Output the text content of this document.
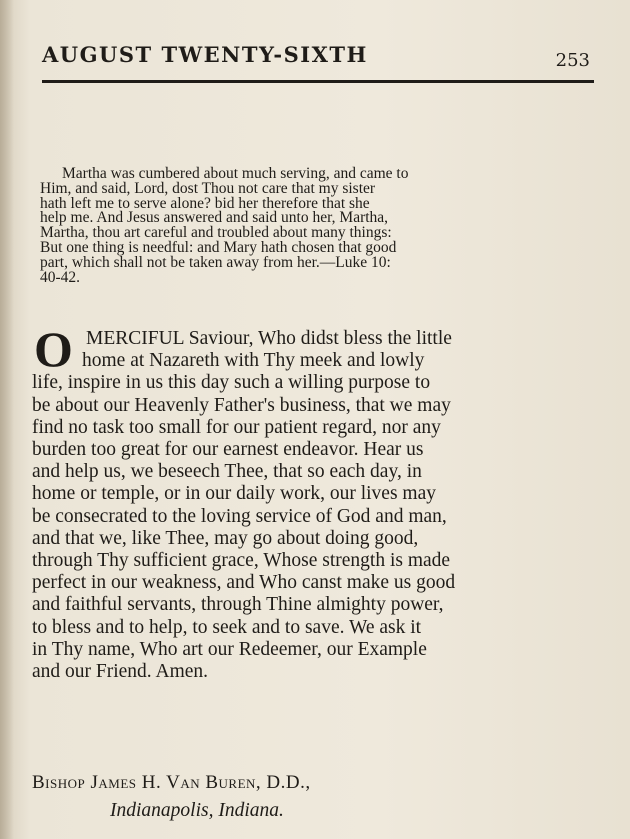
AUGUST TWENTY-SIXTH	253
Martha was cumbered about much serving, and came to
Him, and said, Lord, dost Thou not care that my sister
hath left me to serve alone? bid her therefore that she
help me. And Jesus answered and said unto her, Martha,
Martha, thou art careful and troubled about many things:
But one thing is needful: and Mary hath chosen that good
part, which shall not be taken away from her.—Luke 10:
40-42.
O MERCIFUL Saviour, Who didst bless the little
home at Nazareth with Thy meek and lowly
life, inspire in us this day such a willing purpose to
be about our Heavenly Father's business, that we may
find no task too small for our patient regard, nor any
burden too great for our earnest endeavor. Hear us
and help us, we beseech Thee, that so each day, in
home or temple, or in our daily work, our lives may
be consecrated to the loving service of God and man,
and that we, like Thee, may go about doing good,
through Thy sufficient grace, Whose strength is made
perfect in our weakness, and Who canst make us good
and faithful servants, through Thine almighty power,
to bless and to help, to seek and to save. We ask it
in Thy name, Who art our Redeemer, our Example
and our Friend. Amen.
Bishop James H. Van Buren, D.D.,
Indianapolis, Indiana.
